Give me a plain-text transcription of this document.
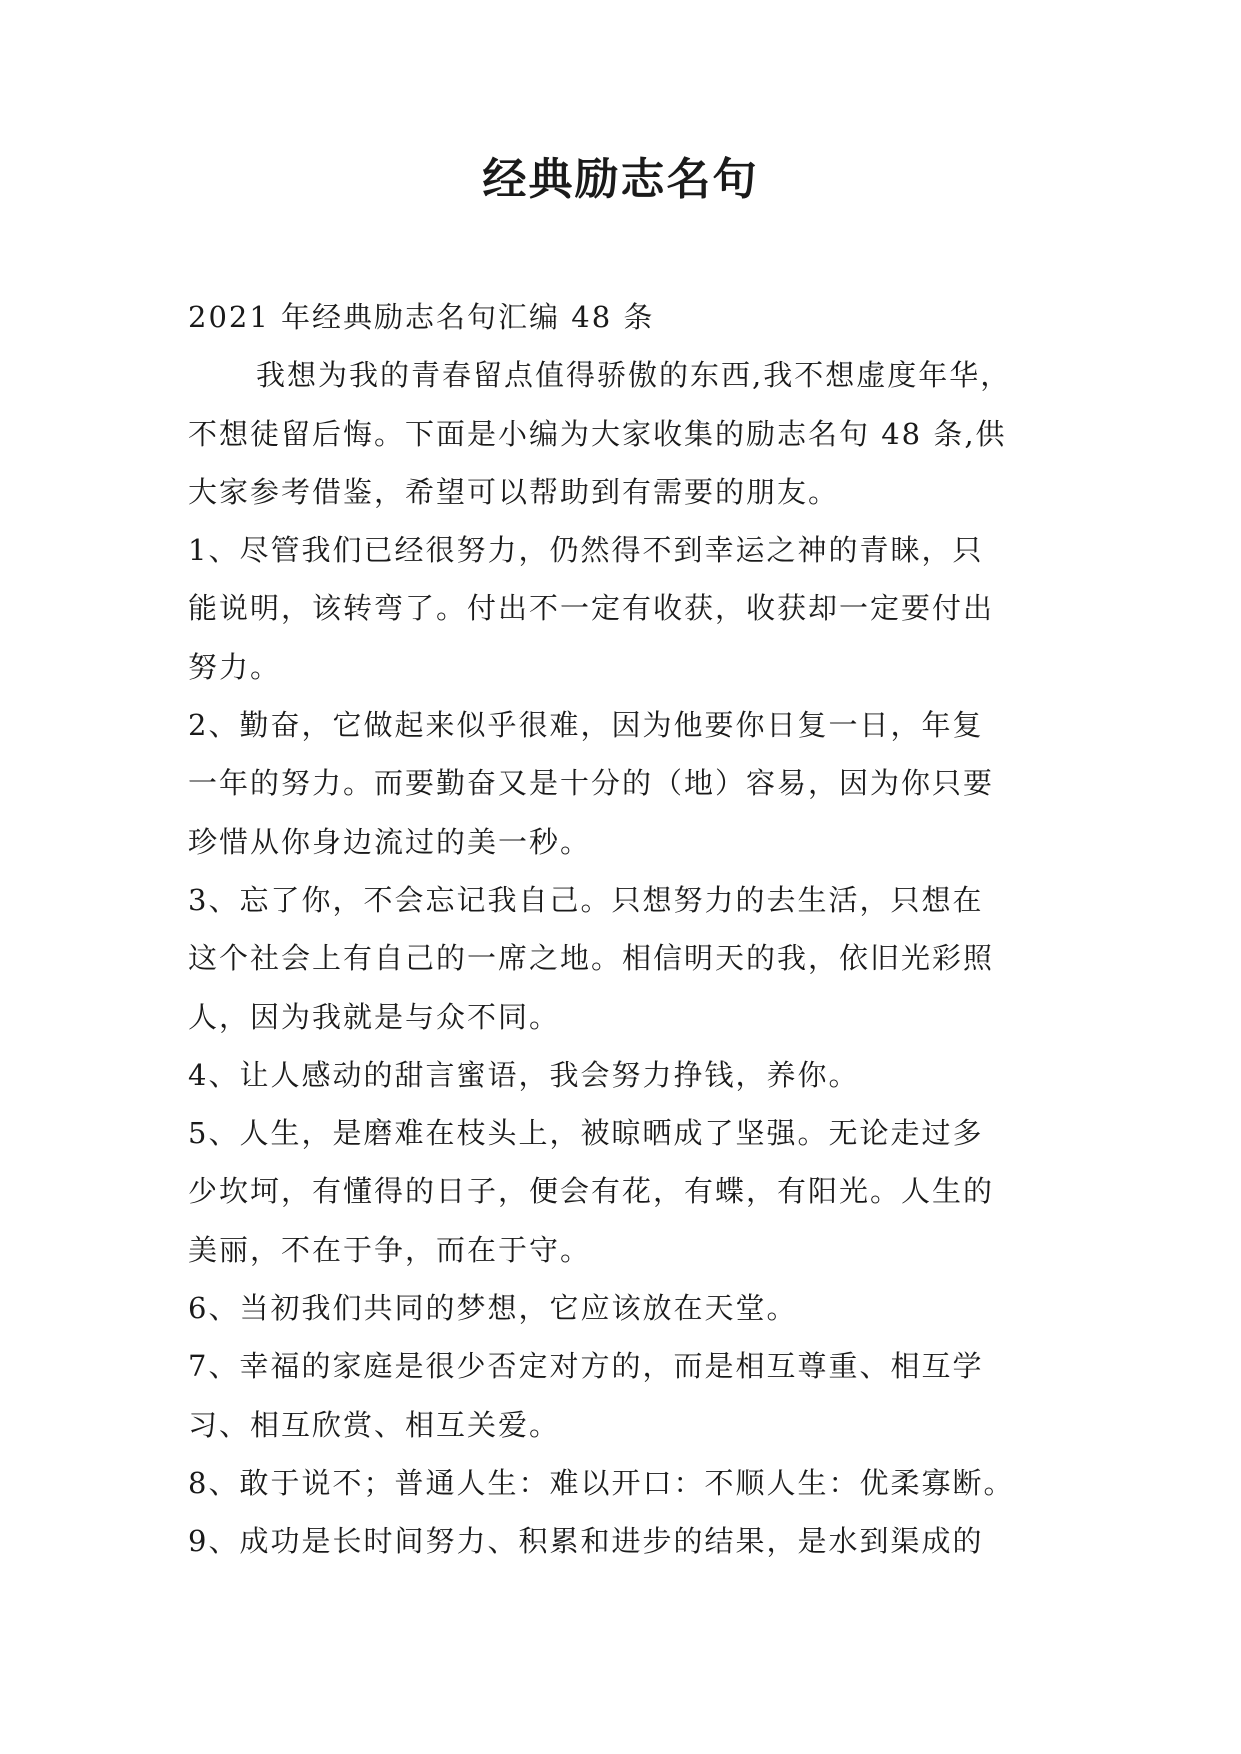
经典励志名句
2021 年经典励志名句汇编 48 条
我想为我的青春留点值得骄傲的东西,我不想虚度年华，
不想徒留后悔。下面是小编为大家收集的励志名句 48 条,供
大家参考借鉴，希望可以帮助到有需要的朋友。
1、尽管我们已经很努力，仍然得不到幸运之神的青睐，只
能说明，该转弯了。付出不一定有收获，收获却一定要付出
努力。
2、勤奋，它做起来似乎很难，因为他要你日复一日，年复
一年的努力。而要勤奋又是十分的（地）容易，因为你只要
珍惜从你身边流过的美一秒。
3、忘了你，不会忘记我自己。只想努力的去生活，只想在
这个社会上有自己的一席之地。相信明天的我，依旧光彩照
人，因为我就是与众不同。
4、让人感动的甜言蜜语，我会努力挣钱，养你。
5、人生，是磨难在枝头上，被晾晒成了坚强。无论走过多
少坎坷，有懂得的日子，便会有花，有蝶，有阳光。人生的
美丽，不在于争，而在于守。
6、当初我们共同的梦想，它应该放在天堂。
7、幸福的家庭是很少否定对方的，而是相互尊重、相互学
习、相互欣赏、相互关爱。
8、敢于说不；普通人生：难以开口：不顺人生：优柔寡断。
9、成功是长时间努力、积累和进步的结果，是水到渠成的
